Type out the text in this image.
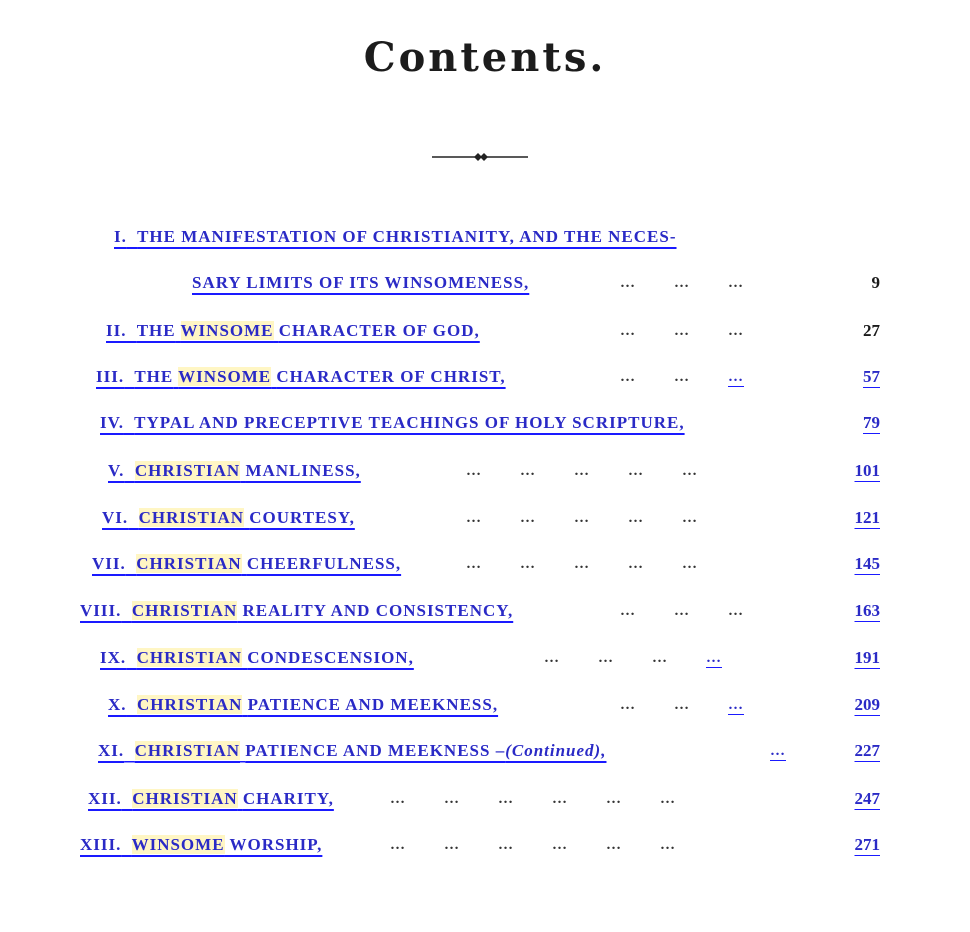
Contents.
I. THE MANIFESTATION OF CHRISTIANITY, AND THE NECES-
SARY LIMITS OF ITS WINSOMENESS,	…        …        …	9
II. THE WINSOME CHARACTER OF GOD,	…        …        …	27
III. THE WINSOME CHARACTER OF CHRIST,	…        …        …	57
IV. TYPAL AND PRECEPTIVE TEACHINGS OF HOLY SCRIPTURE,	79
V. CHRISTIAN MANLINESS,	…        …        …        …        …	101
VI. CHRISTIAN COURTESY,	…        …        …        …        …	121
VII. CHRISTIAN CHEERFULNESS,	…        …        …        …        …	145
VIII. CHRISTIAN REALITY AND CONSISTENCY,	…        …        …	163
IX. CHRISTIAN CONDESCENSION,	…        …        …        …	191
X. CHRISTIAN PATIENCE AND MEEKNESS,	…        …        …	209
XI. CHRISTIAN PATIENCE AND MEEKNESS –(Continued),	…	227
XII. CHRISTIAN CHARITY,	…        …        …        …        …        …	247
XIII. WINSOME WORSHIP,	…        …        …        …        …        …	271
